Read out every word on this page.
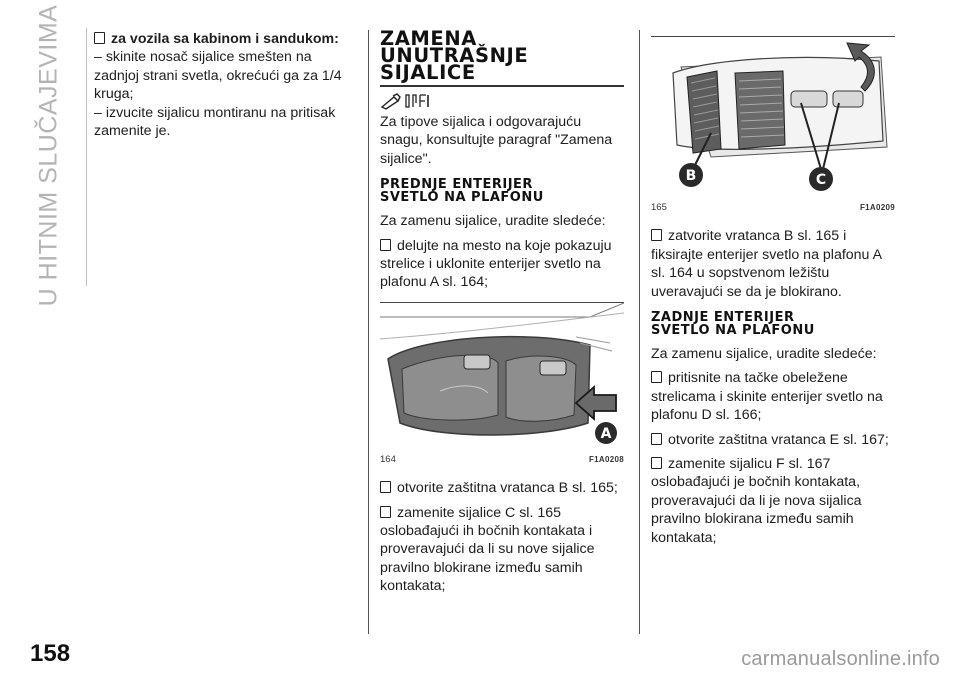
U HITNIM SLUČAJEVIMA
158

za vozila sa kabinom i sandukom:

– skinite nosač sijalice smešten na zadnjoj strani svetla, okrećući ga za 1/4 kruga;

– izvucite sijalicu montiranu na pritisak zamenite je.

ZAMENA
UNUTRAŠNJE
SIJALICE

Za tipove sijalica i odgovarajuću snagu, konsultujte paragraf "Zamena sijalice".

PREDNJE ENTERIJER
SVETLO NA PLAFONU

Za zamenu sijalice, uradite sledeće:

delujte na mesto na koje pokazuju strelice i uklonite enterijer svetlo na plafonu A sl. 164;

A
164	F1A0208

otvorite zaštitna vratanca B sl. 165;

zamenite sijalice C sl. 165 oslobađajući ih bočnih kontakata i proveravajući da li su nove sijalice pravilno blokirane između samih kontakata;

B	C
165	F1A0209

zatvorite vratanca B sl. 165 i fiksirajte enterijer svetlo na plafonu A sl. 164 u sopstvenom ležištu uveravajući se da je blokirano.

ZADNJE ENTERIJER
SVETLO NA PLAFONU

Za zamenu sijalice, uradite sledeće:

pritisnite na tačke obeležene strelicama i skinite enterijer svetlo na plafonu D sl. 166;

otvorite zaštitna vratanca E sl. 167;

zamenite sijalicu F sl. 167 oslobađajući je bočnih kontakata, proveravajući da li je nova sijalica pravilno blokirana između samih kontakata;

carmanualsonline.info
